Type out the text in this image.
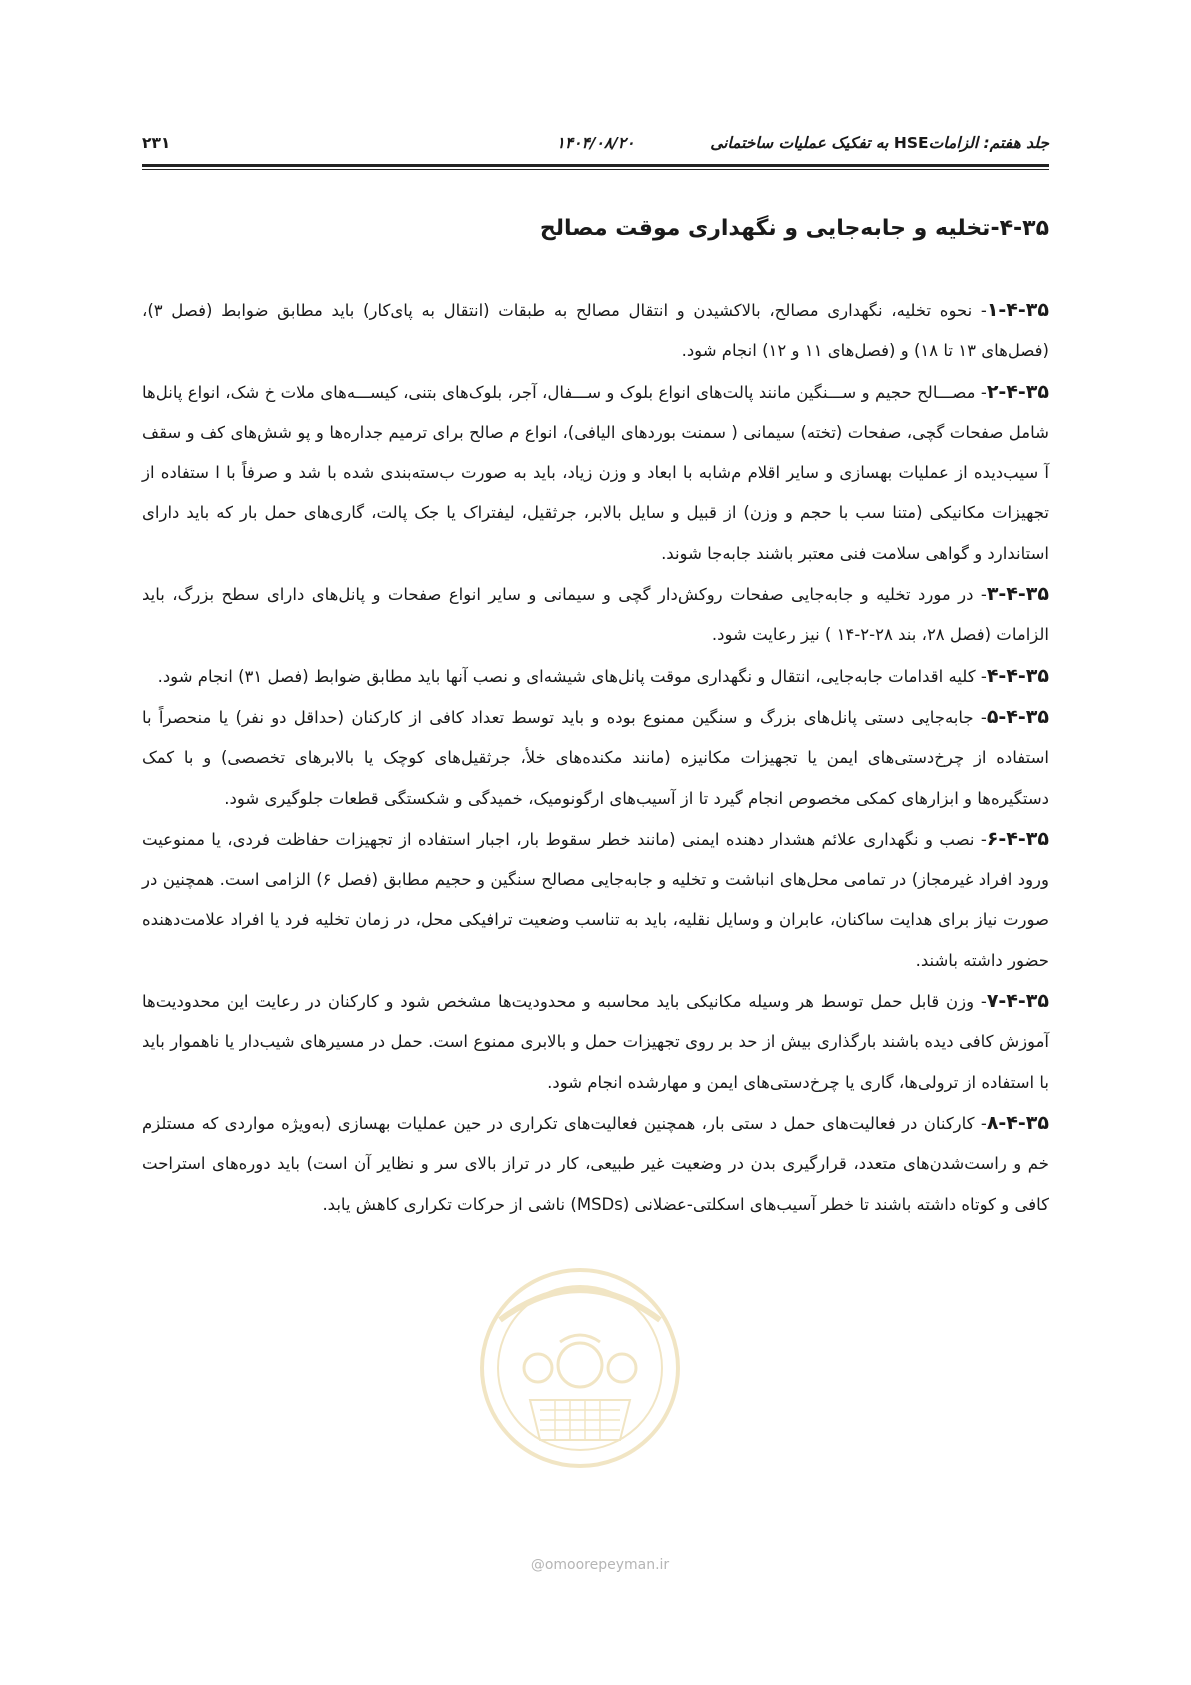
جلد هفتم: الزاماتHSE به تفکیک عملیات ساختمانی
۱۴۰۴/۰۸/۲۰
۲۳۱
۴-۳۵-تخلیه و جابه‌جایی و نگهداری موقت مصالح

۱-۴-۳۵- نحوه تخلیه، نگهداری مصالح، بالاکشیدن و انتقال مصالح به طبقات (انتقال به پای‌کار) باید مطابق ضوابط (فصل ۳)، (فصل‌های ۱۳ تا ۱۸) و (فصل‌های ۱۱ و ۱۲) انجام شود.

۲-۴-۳۵- مصـــالح حجیم و ســـنگین مانند پالت‌های انواع بلوک و ســـفال، آجر، بلوک‌های بتنی، کیســـه‌های ملات خ شک، انواع پانل‌ها شامل صفحات گچی، صفحات (تخته) سیمانی ( سمنت بوردهای الیافی)، انواع م صالح برای ترمیم جداره‌ها و پو شش‌های کف و سقف آ سیب‌دیده از عملیات بهسازی و سایر اقلام م‌شابه با ابعاد و وزن زیاد، باید به‌ صورت ب‌سته‌بندی شده با شد و صرفاً با ا ستفاده از تجهیزات مکانیکی (متنا سب با حجم و وزن) از قبیل و سایل بالابر، جرثقیل، لیفتراک یا جک پالت، گاری‌های حمل بار که باید دارای استاندارد و گواهی سلامت فنی معتبر باشند جابه‌جا شوند.

۳-۴-۳۵- در مورد تخلیه و جابه‌جایی صفحات روکش‌دار گچی و سیمانی و سایر انواع صفحات و پانل‌های دارای سطح بزرگ، باید الزامات (فصل ۲۸، بند ۲۸-۲-۱۴ ) نیز رعایت شود.

۴-۴-۳۵- کلیه اقدامات جابه‌جایی، انتقال و نگهداری موقت پانل‌های شیشه‌ای و نصب آنها باید مطابق ضوابط (فصل ۳۱) انجام شود.

۵-۴-۳۵- جابه‌جایی دستی پانل‌های بزرگ و سنگین ممنوع بوده و باید توسط تعداد کافی از کارکنان (حداقل دو نفر) یا منحصراً با استفاده از چرخ‌دستی‌های ایمن یا تجهیزات مکانیزه (مانند مکنده‌های خلأ، جرثقیل‌های کوچک یا بالابرهای تخصصی) و با کمک دستگیره‌ها و ابزارهای کمکی مخصوص انجام گیرد تا از آسیب‌های ارگونومیک، خمیدگی و شکستگی قطعات جلوگیری شود.

۶-۴-۳۵- نصب و نگهداری علائم هشدار دهنده ایمنی (مانند خطر سقوط بار، اجبار استفاده از تجهیزات حفاظت فردی، یا ممنوعیت ورود افراد غیرمجاز) در تمامی محل‌های انباشت و تخلیه و جابه‌جایی مصالح سنگین و حجیم مطابق (فصل ۶) الزامی است. همچنین در صورت نیاز برای هدایت ساکنان، عابران و وسایل نقلیه، باید به تناسب وضعیت ترافیکی محل، در زمان تخلیه فرد یا افراد علامت‌دهنده حضور داشته باشند.

۷-۴-۳۵- وزن قابل حمل توسط هر وسیله مکانیکی باید محاسبه و محدودیت‌ها مشخص شود و کارکنان در رعایت این محدودیت‌ها آموزش کافی دیده باشند بارگذاری بیش از حد بر روی تجهیزات حمل و بالابری ممنوع است. حمل در مسیرهای شیب‌دار یا ناهموار باید با استفاده از ترولی‌ها، گاری یا چرخ‌دستی‌های ایمن و مهارشده انجام شود.

۸-۴-۳۵- کارکنان در فعالیت‌های حمل د ستی بار، همچنین فعالیت‌های تکراری در حین عملیات بهسازی (به‌ویژه مواردی که مستلزم خم و راست‌شدن‌های متعدد، قرارگیری بدن در وضعیت غیر طبیعی، کار در تراز بالای سر و نظایر آن است) باید دوره‌های استراحت کافی و کوتاه داشته باشند تا خطر آسیب‌های اسکلتی-عضلانی (MSDs) ناشی از حرکات تکراری کاهش یابد.

@omoorepeyman.ir
